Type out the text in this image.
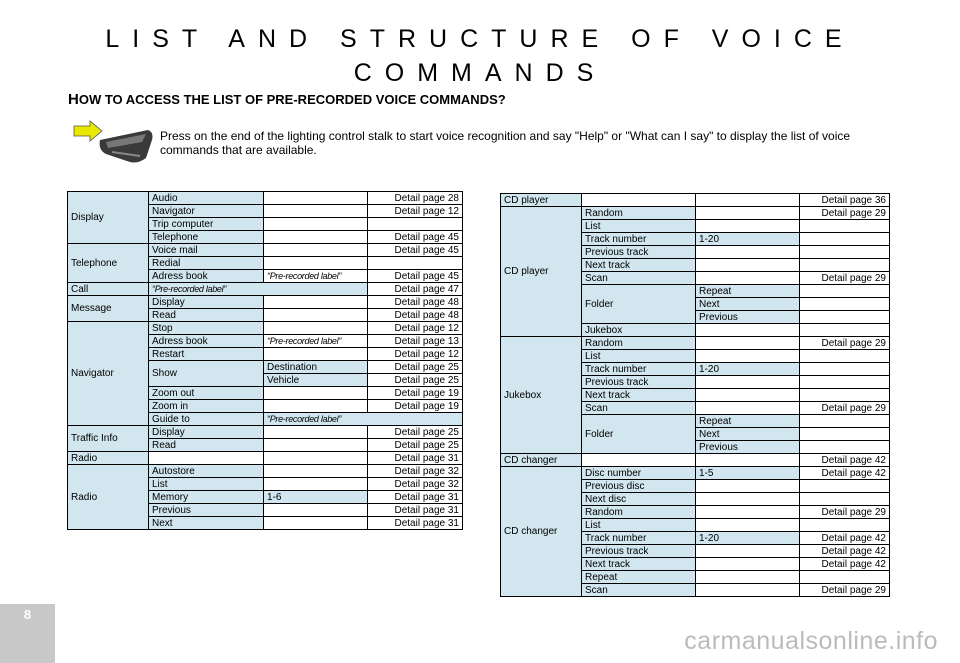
LIST AND STRUCTURE OF VOICE COMMANDS
HOW TO ACCESS THE LIST OF PRE-RECORDED VOICE COMMANDS?
Press on the end of the lighting control stalk to start voice recognition and say "Help" or "What can I say" to display the list of voice commands that are available.
Display	Audio		Detail page 28	
	Navigator		Detail page 12	
	Trip computer			
	Telephone		Detail page 45	
Telephone	Voice mail		Detail page 45	
	Redial			
	Adress book	“Pre-recorded label”	Detail page 45	
Call	“Pre-recorded label”		Detail page 47	
Message	Display		Detail page 48	
	Read		Detail page 48	
Navigator	Stop		Detail page 12	
	Adress book	“Pre-recorded label”	Detail page 13	
	Restart		Detail page 12	
	Show	Destination	Detail page 25	
		Vehicle	Detail page 25	
	Zoom out		Detail page 19	
	Zoom in		Detail page 19	
	Guide to	“Pre-recorded label”		
Traffic Info	Display		Detail page 25	
	Read		Detail page 25	
Radio			Detail page 31	
Radio	Autostore		Detail page 32	
	List		Detail page 32	
	Memory	1-6	Detail page 31	
	Previous		Detail page 31	
	Next		Detail page 31	
CD player			Detail page 36	
CD player	Random		Detail page 29	
	List			
	Track number	1-20		
	Previous track			
	Next track			
	Scan		Detail page 29	
	Folder	Repeat		
		Next		
		Previous		
	Jukebox			
Jukebox	Random		Detail page 29	
	List			
	Track number	1-20		
	Previous track			
	Next track			
	Scan		Detail page 29	
	Folder	Repeat		
		Next		
		Previous		
CD changer			Detail page 42	
CD changer	Disc number	1-5	Detail page 42	
	Previous disc			
	Next disc			
	Random		Detail page 29	
	List			
	Track number	1-20	Detail page 42	
	Previous track		Detail page 42	
	Next track		Detail page 42	
	Repeat			
	Scan		Detail page 29	
8
carmanualsonline.info
